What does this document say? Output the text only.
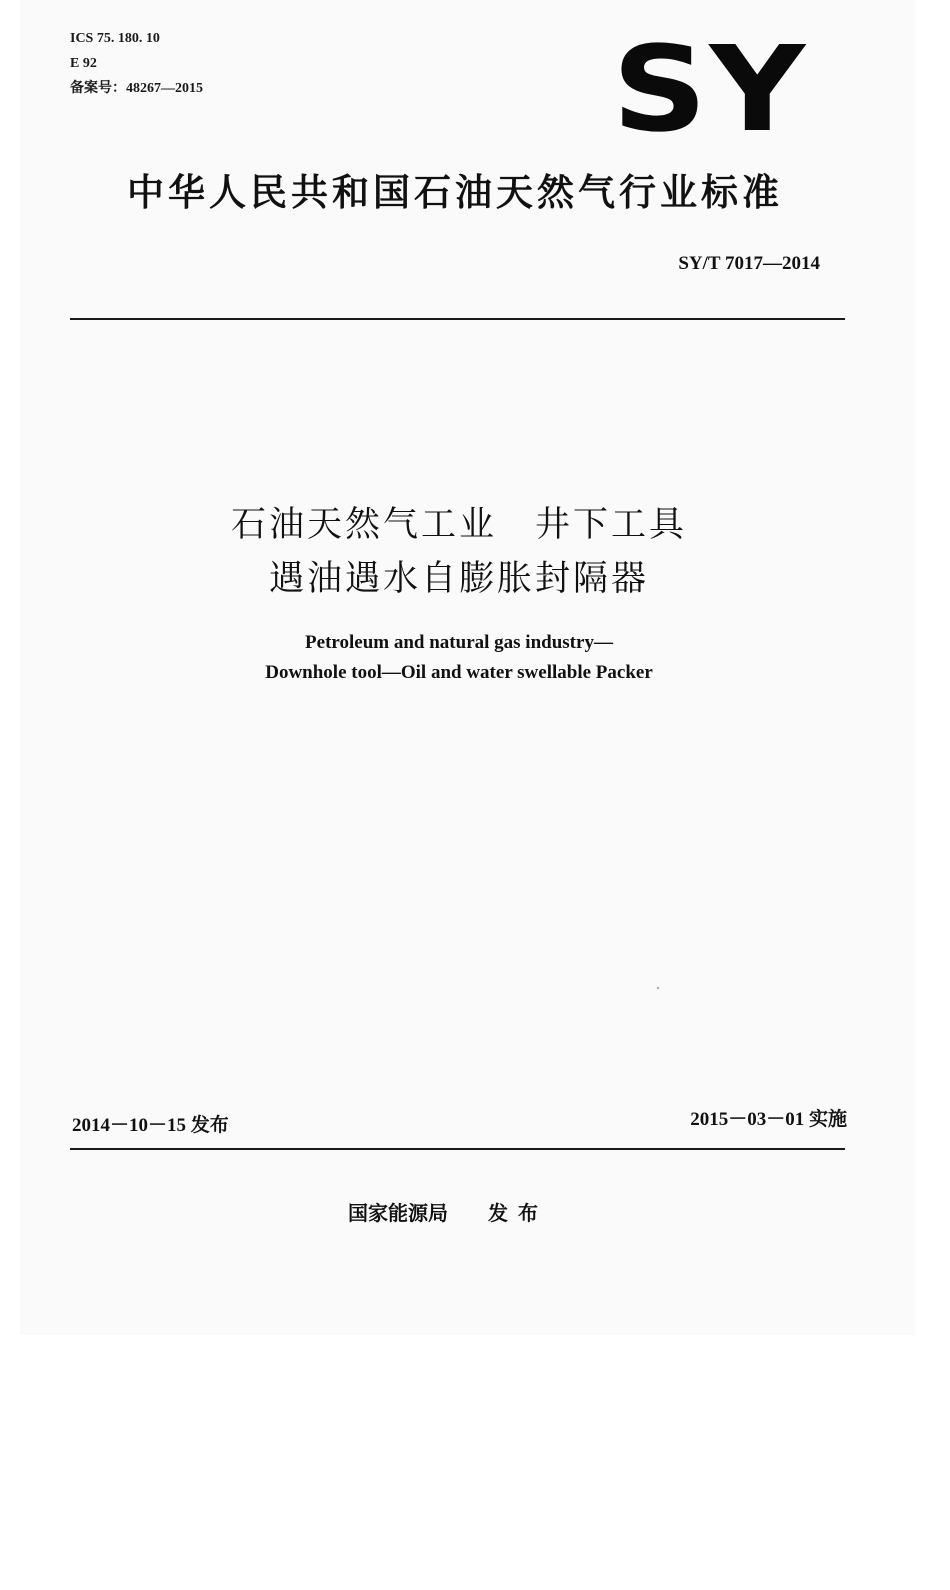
ICS 75. 180. 10
E 92
备案号：48267—2015	SY
中华人民共和国石油天然气行业标准
SY/T 7017—2014
石油天然气工业　井下工具
遇油遇水自膨胀封隔器
Petroleum and natural gas industry—
Downhole tool—Oil and water swellable Packer
2014－10－15 发布	2015－03－01 实施
国家能源局 发布
